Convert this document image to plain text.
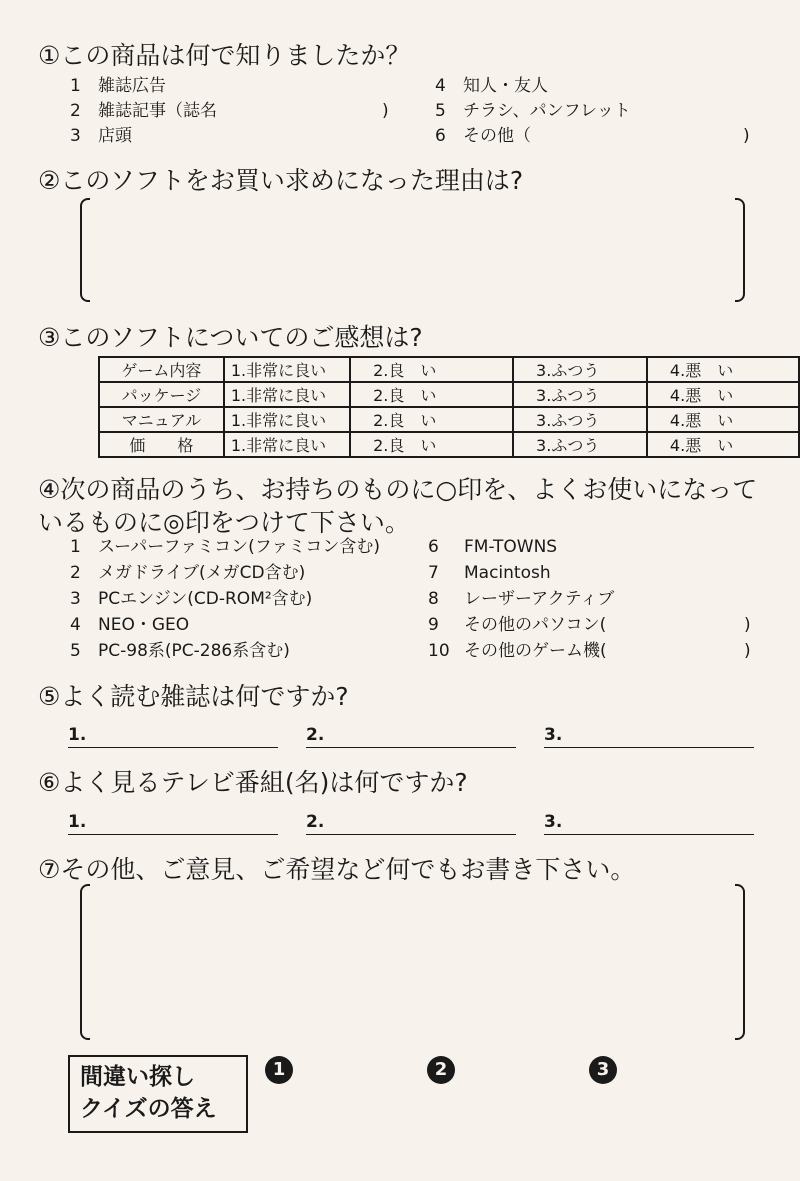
①この商品は何で知りましたか？
1 雑誌広告
2 雑誌記事（誌名	)
3 店頭
4 知人・友人
5 チラシ、パンフレット
6 その他（	)
②このソフトをお買い求めになった理由は?
③このソフトについてのご感想は?
ゲーム内容	1.非常に良い	2.良　い	3.ふつう	4.悪　い
パッケージ	1.非常に良い	2.良　い	3.ふつう	4.悪　い
マニュアル	1.非常に良い	2.良　い	3.ふつう	4.悪　い
価　　格	1.非常に良い	2.良　い	3.ふつう	4.悪　い
④次の商品のうち、お持ちのものに○印を、よくお使いになって
いるものに◎印をつけて下さい。
1 スーパーファミコン(ファミコン含む)
2 メガドライブ(メガCD含む)
3 PCエンジン(CD-ROM²含む)
4 NEO・GEO
5 PC-98系(PC-286系含む)
6 FM-TOWNS
7 Macintosh
8 レーザーアクティブ
9 その他のパソコン(	)
10 その他のゲーム機(	)
⑤よく読む雑誌は何ですか?
1.	2.	3.
⑥よく見るテレビ番組(名)は何ですか?
1.	2.	3.
⑦その他、ご意見、ご希望など何でもお書き下さい。
間違い探し
クイズの答え
1	2	3
